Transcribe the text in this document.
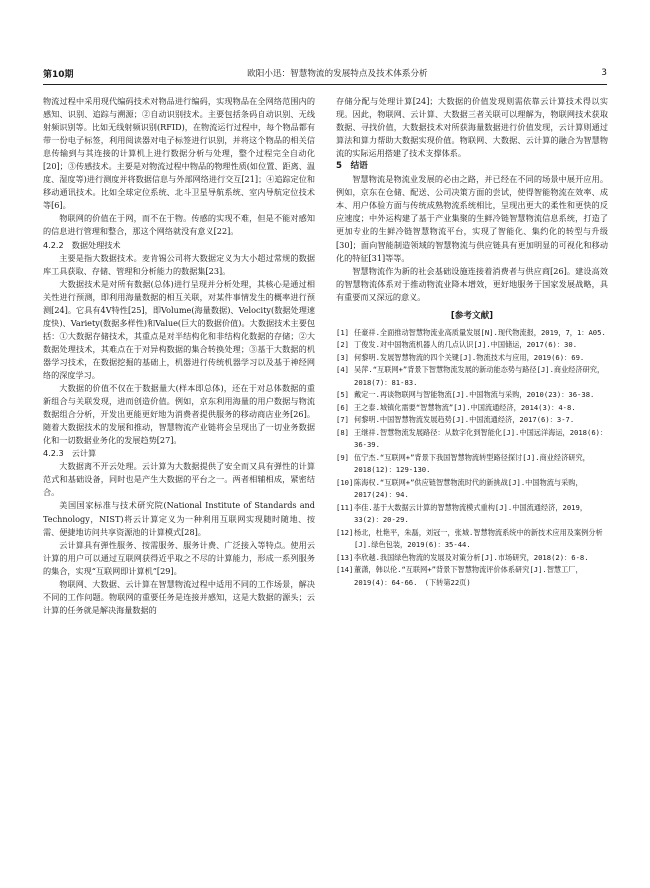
第10期	欧阳小迅：智慧物流的发展特点及技术体系分析	3

物流过程中采用现代编码技术对物品进行编码，实现物品在全网络范围内的感知、识别、追踪与溯源；②自动识别技术。主要包括条码自动识别、无线射频识别等。比如无线射频识别(RFID)，在物流运行过程中，每个物品都有带一份电子标签，利用阅读器对电子标签进行识别，并将这个物品的相关信息传输到与其连接的计算机上进行数据分析与处理，整个过程完全自动化[20]；③传感技术。主要是对物流过程中物品的物理性质(如位置、距离、温度、湿度等)进行测度并将数据信息与外部网络进行交互[21]；④追踪定位和移动通讯技术。比如全球定位系统、北斗卫星导航系统、室内导航定位技术等[6]。

物联网的价值在于网，而不在于物。传感的实现不难，但是不能对感知的信息进行管理和整合，那这个网络就没有意义[22]。

4.2.2　数据处理技术

主要是指大数据技术。麦肯锡公司将大数据定义为大小超过常规的数据库工具获取、存储、管理和分析能力的数据集[23]。

大数据技术是对所有数据(总体)进行呈现并分析处理，其核心是通过相关性进行预测，即利用海量数据的相互关联，对某件事情发生的概率进行预测[24]。它具有4V特性[25]，即Volume(海量数据)、Velocity(数据处理速度快)、Variety(数据多样性)和Value(巨大的数据价值)。大数据技术主要包括：①大数据存储技术，其重点是对半结构化和非结构化数据的存储；②大数据处理技术，其难点在于对异构数据的集合转换处理；③基于大数据的机器学习技术，在数据挖掘的基础上，机器进行传统机器学习以及基于神经网络的深度学习。

大数据的价值不仅在于数据量大(样本即总体)，还在于对总体数据的重新组合与关联发现，进而创造价值。例如，京东利用海量的用户数据与物流数据组合分析，开发出更能更好地为消费者提供服务的移动商店业务[26]。随着大数据技术的发展和推动，智慧物流产业链将会呈现出了一切业务数据化和一切数据业务化的发展趋势[27]。

4.2.3　云计算

大数据离不开云处理。云计算为大数据提供了安全而又具有弹性的计算范式和基础设备，同时也是产生大数据的平台之一。两者相辅相成，紧密结合。

美国国家标准与技术研究院(National Institute of Standards and Technology，NIST)将云计算定义为一种利用互联网实现随时随地、按需、便捷地访问共享资源池的计算模式[28]。

云计算具有弹性服务、按需服务、服务计费、广泛接入等特点。使用云计算的用户可以通过互联网获得近乎取之不尽的计算能力，形成一系列服务的集合，实现“互联网即计算机”[29]。

物联网、大数据、云计算在智慧物流过程中适用不同的工作场景，解决不同的工作问题。物联网的重要任务是连接并感知，这是大数据的源头；云计算的任务就是解决海量数据的

存储分配与处理计算[24]；大数据的价值发现则需依靠云计算技术得以实现。因此，物联网、云计算、大数据三者关联可以理解为，物联网技术获取数据、寻找价值，大数据技术对所获海量数据进行价值发现，云计算则通过算法和算力帮助大数据实现价值。物联网、大数据、云计算的融合为智慧物流的实际运用搭建了技术支撑体系。

5　结语

智慧物流是物流业发展的必由之路，并已经在不同的场景中展开应用。例如，京东在仓储、配送、公司决策方面的尝试，使得智能物流在效率、成本、用户体验方面与传统成熟物流系统相比，呈现出更大的柔性和更快的反应速度；中外运构建了基于产业集聚的生鲜冷链智慧物流信息系统，打造了更加专业的生鲜冷链智慧物流平台，实现了智能化、集约化的转型与升级[30]；面向智能制造领域的智慧物流与供应链具有更加明显的可视化和移动化的特征[31]等等。

智慧物流作为新的社会基础设施连接着消费者与供应商[26]。建设高效的智慧物流体系对于推动物流业降本增效，更好地服务于国家发展战略，具有重要而又深远的意义。

[参考文献]
[1] 任豪祥.全面推动智慧物流业高质量发展[N].现代物流报，2019，7，1：A05.
[2] 丁俊发.对中国物流机器人的几点认识[J].中国储运，2017(6)：30.
[3] 何黎明.发展智慧物流的四个关键[J].物流技术与应用，2019(6)：69.
[4] 吴萍.“互联网+”背景下智慧物流发展的新动能态势与路径[J].商业经济研究，2018(7)：81-83.
[5] 戴定一.再谈物联网与智能物流[J].中国物流与采购，2010(23)：36-38.
[6] 王之泰.城镇化需要“智慧物流”[J].中国流通经济，2014(3)：4-8.
[7] 何黎明.中国智慧物流发展趋势[J].中国流通经济，2017(6)：3-7.
[8] 王继祥.智慧物流发展路径：从数字化到智能化[J].中国远洋海运，2018(6)：36-39.
[9] 伍宁杰.“互联网+”背景下我国智慧物流转型路径探讨[J].商业经济研究，2018(12)：129-130.
[10] 陈海权.“互联网+”供应链智慧物流时代的新挑战[J].中国物流与采购，2017(24)：94.
[11] 李佳.基于大数据云计算的智慧物流模式重构[J].中国流通经济，2019，33(2)：20-29.
[12] 杨北，杜艳平，朱磊，刘冠一，张城.智慧物流系统中的新技术应用及案例分析[J].绿色包装，2019(6)：35-44.
[13] 李欣越.我国绿色物流的发展及对策分析[J].市场研究，2018(2)：6-8.
[14] 董潇，韩以伦.“互联网+”背景下智慧物流评价体系研究[J].智慧工厂，2019(4)：64-66.　(下转第22页)
